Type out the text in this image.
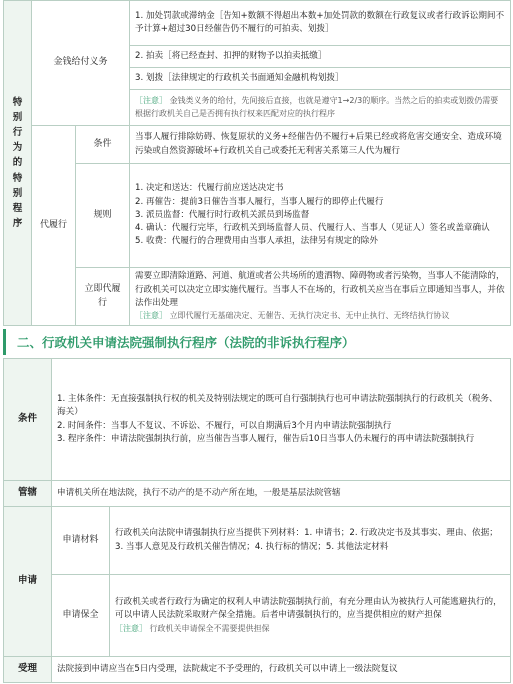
特别行为的特别程序	金钱给付义务		1. 加处罚款或滞纳金［告知+数额不得超出本数+加处罚款的数额在行政复议或者行政诉讼期间不予计算+超过30日经催告仍不履行的可拍卖、划拨］
			2. 拍卖［将已经查封、扣押的财物予以拍卖抵缴］
			3. 划拨［法律规定的行政机关书面通知金融机构划拨］
			［注意］ 金钱类义务的给付，先间接后直接，也就是遵守1→2/3的顺序。当然之后的拍卖或划拨仍需要根据行政机关自己是否拥有执行权来匹配对应的执行程序
	代履行	条件	当事人履行排除妨碍、恢复原状的义务+经催告仍不履行+后果已经或将危害交通安全、造成环境污染或自然资源破坏+行政机关自己或委托无利害关系第三人代为履行
		规则	1. 决定和送达：代履行前应送达决定书
2. 再催告：提前3日催告当事人履行，当事人履行的即停止代履行
3. 派员监督：代履行时行政机关派员到场监督
4. 确认：代履行完毕，行政机关到场监督人员、代履行人、当事人（见证人）签名或盖章确认
5. 收费：代履行的合理费用由当事人承担，法律另有规定的除外

		立即代履行	需要立即清除道路、河道、航道或者公共场所的遗洒物、障碍物或者污染物，当事人不能清除的，行政机关可以决定立即实施代履行。当事人不在场的，行政机关应当在事后立即通知当事人，并依法作出处理
［注意］ 立即代履行无基础决定、无催告、无执行决定书、无中止执行、无终结执行协议
二、行政机关申请法院强制执行程序（法院的非诉执行程序）
条件	1. 主体条件：无直接强制执行权的机关及特别法规定的既可自行强制执行也可申请法院强制执行的行政机关（税务、海关）
2. 时间条件：当事人不复议、不诉讼、不履行，可以自期满后3个月内申请法院强制执行
3. 程序条件：申请法院强制执行前，应当催告当事人履行，催告后10日当事人仍未履行的再申请法院强制执行	

管辖	申请机关所在地法院，执行不动产的是不动产所在地，一般是基层法院管辖	
申请	申请材料	行政机关向法院申请强制执行应当提供下列材料：1. 申请书；2. 行政决定书及其事实、理由、依据；3. 当事人意见及行政机关催告情况；4. 执行标的情况；5. 其他法定材料
	申请保全	行政机关或者行政行为确定的权利人申请法院强制执行前，有充分理由认为被执行人可能逃避执行的，可以申请人民法院采取财产保全措施。后者申请强制执行的，应当提供相应的财产担保
［注意］ 行政机关申请保全不需要提供担保

受理	法院接到申请应当在5日内受理，法院裁定不予受理的，行政机关可以申请上一级法院复议	
